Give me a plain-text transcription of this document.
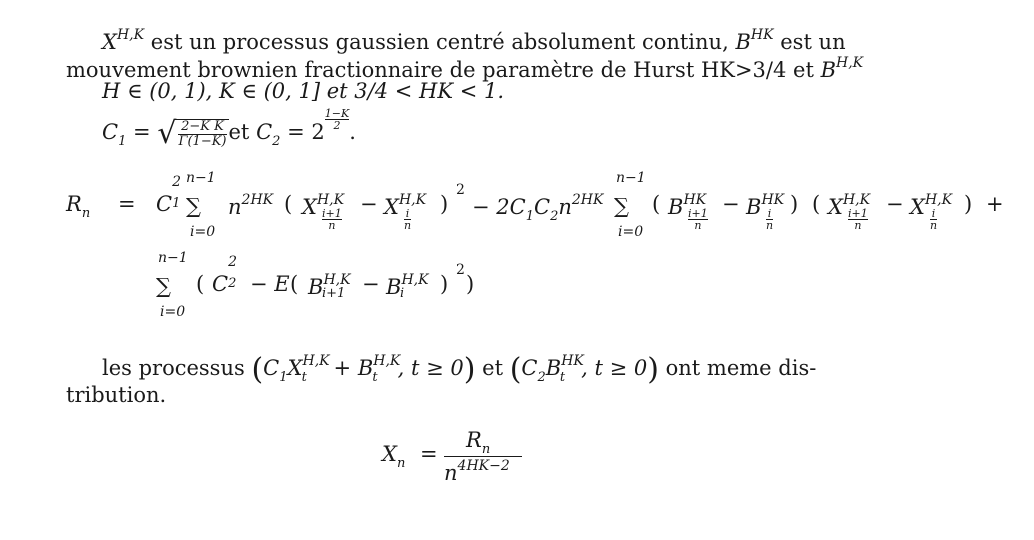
$X^{H,K}$ est un processus gaussien centré absolument continu, $B^{HK}$ est un
mouvement brownien fractionnaire de paramètre de Hurst HK>3/4 et $B^{H,K}$
H ∈ (0, 1), K ∈ (0, 1] et 3/4 < HK < 1.
$C_1$ = √ $\frac{\text{2−K K}}{\Gamma(1-K)}$ et $C_2 = 2$
$\frac{1-K}{2}$
.
$R_n = C$
2
1
n−1
∑
i=0
$n^{2HK}$ ( $X^{H,K}$
$\frac{i+1}{n}$
− $X^{H,K}$
$\frac{i}{n}$
)
2
− $2C_1C_2n^{2HK}$
n−1
∑
i=0
( $B^{HK}$
$\frac{i+1}{n}$
− $B^{HK}$
$\frac{i}{n}$
) ( $X^{H,K}$
$\frac{i+1}{n}$
− $X^{H,K}$
$\frac{i}{n}$
) +
n−1
∑
i=0
( C
2
2 − E ( $B^{H,K}$
$i+1 - B^{H,K}$
i )
2
)
les processus ($C_1X^{H,K}_t + B^{H,K}_t$ , t ≥ 0) et ($C_2B^{HK}_t$ , t ≥ 0) ont meme dis-
tribution.
$X_n$ =
$R_n$
$n^{4HK-2}$
